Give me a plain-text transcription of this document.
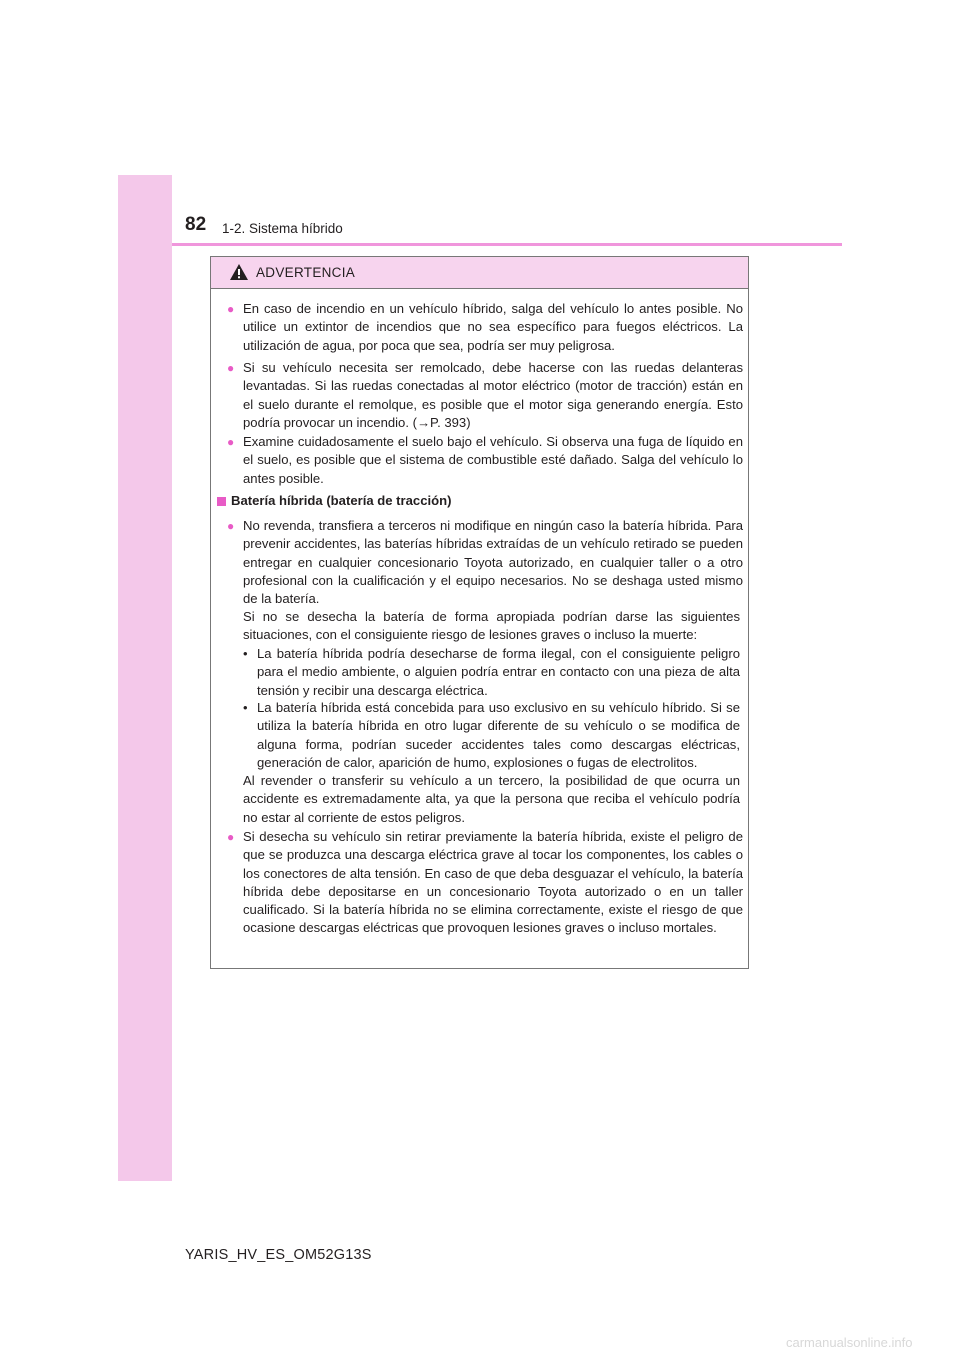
82 1-2. Sistema híbrido
ADVERTENCIA
● En caso de incendio en un vehículo híbrido, salga del vehículo lo antes posible. No utilice un extintor de incendios que no sea específico para fuegos eléctricos. La utilización de agua, por poca que sea, podría ser muy peligrosa.
● Si su vehículo necesita ser remolcado, debe hacerse con las ruedas delanteras levantadas. Si las ruedas conectadas al motor eléctrico (motor de tracción) están en el suelo durante el remolque, es posible que el motor siga generando energía. Esto podría provocar un incendio. (→P. 393)
● Examine cuidadosamente el suelo bajo el vehículo. Si observa una fuga de líquido en el suelo, es posible que el sistema de combustible esté dañado. Salga del vehículo lo antes posible.
Batería híbrida (batería de tracción)
● No revenda, transfiera a terceros ni modifique en ningún caso la batería híbrida. Para prevenir accidentes, las baterías híbridas extraídas de un vehículo retirado se pueden entregar en cualquier concesionario Toyota autorizado, en cualquier taller o a otro profesional con la cualificación y el equipo necesarios. No se deshaga usted mismo de la batería.
Si no se desecha la batería de forma apropiada podrían darse las siguientes situaciones, con el consiguiente riesgo de lesiones graves o incluso la muerte:
• La batería híbrida podría desecharse de forma ilegal, con el consiguiente peligro para el medio ambiente, o alguien podría entrar en contacto con una pieza de alta tensión y recibir una descarga eléctrica.
• La batería híbrida está concebida para uso exclusivo en su vehículo híbrido. Si se utiliza la batería híbrida en otro lugar diferente de su vehículo o se modifica de alguna forma, podrían suceder accidentes tales como descargas eléctricas, generación de calor, aparición de humo, explosiones o fugas de electrolitos.
Al revender o transferir su vehículo a un tercero, la posibilidad de que ocurra un accidente es extremadamente alta, ya que la persona que reciba el vehículo podría no estar al corriente de estos peligros.
● Si desecha su vehículo sin retirar previamente la batería híbrida, existe el peligro de que se produzca una descarga eléctrica grave al tocar los componentes, los cables o los conectores de alta tensión. En caso de que deba desguazar el vehículo, la batería híbrida debe depositarse en un concesionario Toyota autorizado o en un taller cualificado. Si la batería híbrida no se elimina correctamente, existe el riesgo de que ocasione descargas eléctricas que provoquen lesiones graves o incluso mortales.
YARIS_HV_ES_OM52G13S
carmanualsonline.info
